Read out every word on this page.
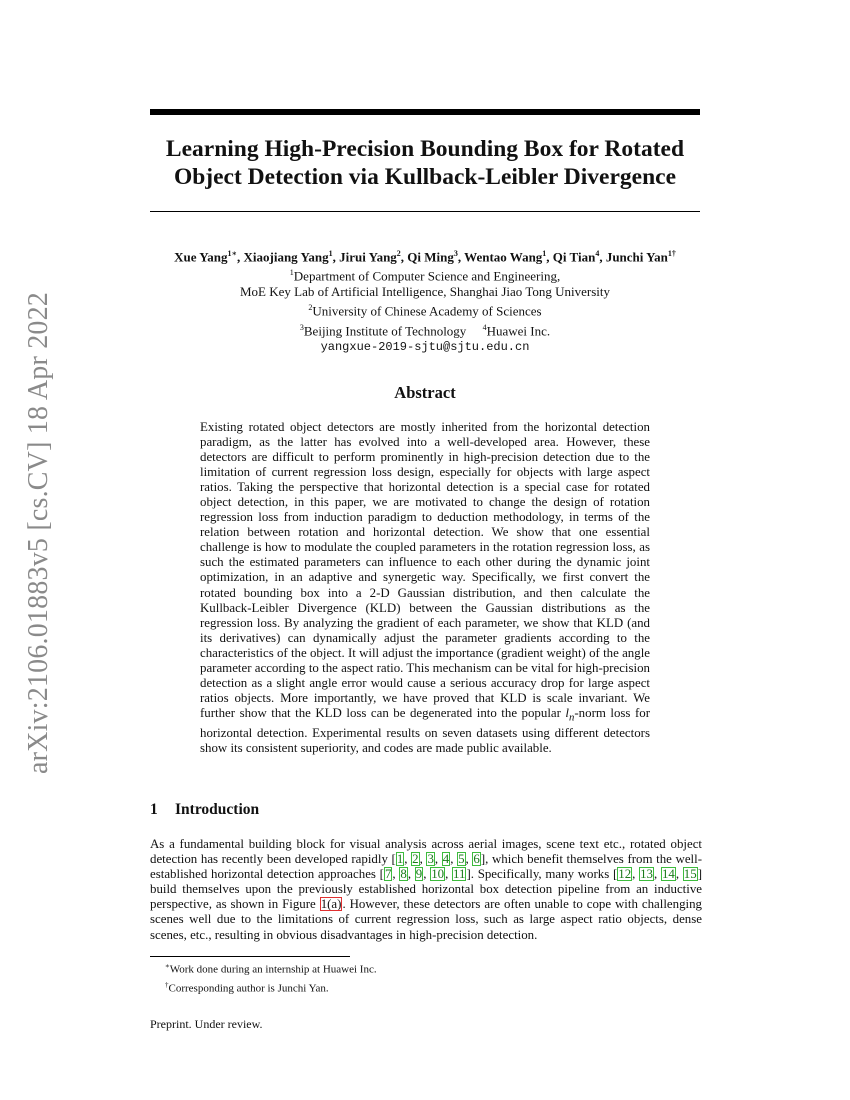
arXiv:2106.01883v5 [cs.CV] 18 Apr 2022
Learning High-Precision Bounding Box for Rotated Object Detection via Kullback-Leibler Divergence
Xue Yang$^{1∗}$, Xiaojiang Yang$^1$, Jirui Yang$^2$, Qi Ming$^3$, Wentao Wang$^1$, Qi Tian$^4$, Junchi Yan$^{1\dagger}$
$^1$Department of Computer Science and Engineering,
MoE Key Lab of Artificial Intelligence, Shanghai Jiao Tong University
$^2$University of Chinese Academy of Sciences
$^3$Beijing Institute of Technology $^4$Huawei Inc.
yangxue-2019-sjtu@sjtu.edu.cn
Abstract

Existing rotated object detectors are mostly inherited from the horizontal detection paradigm, as the latter has evolved into a well-developed area. However, these detectors are difficult to perform prominently in high-precision detection due to the limitation of current regression loss design, especially for objects with large aspect ratios. Taking the perspective that horizontal detection is a special case for rotated object detection, in this paper, we are motivated to change the design of rotation regression loss from induction paradigm to deduction methodology, in terms of the relation between rotation and horizontal detection. We show that one essential challenge is how to modulate the coupled parameters in the rotation regression loss, as such the estimated parameters can influence to each other during the dynamic joint optimization, in an adaptive and synergetic way. Specifically, we first convert the rotated bounding box into a 2-D Gaussian distribution, and then calculate the Kullback-Leibler Divergence (KLD) between the Gaussian distributions as the regression loss. By analyzing the gradient of each parameter, we show that KLD (and its derivatives) can dynamically adjust the parameter gradients according to the characteristics of the object. It will adjust the importance (gradient weight) of the angle parameter according to the aspect ratio. This mechanism can be vital for high-precision detection as a slight angle error would cause a serious accuracy drop for large aspect ratios objects. More importantly, we have proved that KLD is scale invariant. We further show that the KLD loss can be degenerated into the popular $l_n$-norm loss for horizontal detection. Experimental results on seven datasets using different detectors show its consistent superiority, and codes are made public available.

1 Introduction

As a fundamental building block for visual analysis across aerial images, scene text etc., rotated object detection has recently been developed rapidly [1, 2, 3, 4, 5, 6], which benefit themselves from the well-established horizontal detection approaches [7, 8, 9, 10, 11]. Specifically, many works [12, 13, 14, 15] build themselves upon the previously established horizontal box detection pipeline from an inductive perspective, as shown in Figure 1(a). However, these detectors are often unable to cope with challenging scenes well due to the limitations of current regression loss, such as large aspect ratio objects, dense scenes, etc., resulting in obvious disadvantages in high-precision detection.

∗Work done during an internship at Huawei Inc.
†Corresponding author is Junchi Yan.
Preprint. Under review.
